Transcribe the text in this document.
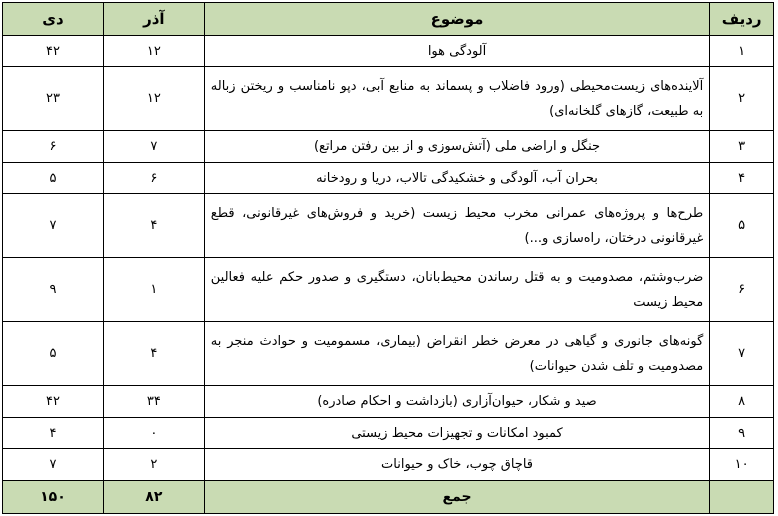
ردیف	موضوع	آذر	دی
۱	آلودگی هوا	۱۲	۴۲
۲	آلاینده‌های زیست‌محیطی (ورود فاضلاب و پسماند به منابع آبی، دپو نامناسب و ریختن زباله به طبیعت، گازهای گلخانه‌ای)	۱۲	۲۳
۳	جنگل و اراضی ملی (آتش‌سوزی و از بین رفتن مراتع)	۷	۶
۴	بحران آب، آلودگی و خشکیدگی تالاب، دریا و رودخانه	۶	۵
۵	طرح‌ها و پروژه‌های عمرانی مخرب محیط زیست (خرید و فروش‌های غیرقانونی، قطع غیرقانونی درختان، راه‌سازی و...)	۴	۷
۶	ضرب‌وشتم، مصدومیت و به قتل رساندن محیط‌بانان، دستگیری و صدور حکم علیه فعالین محیط زیست	۱	۹
۷	گونه‌های جانوری و گیاهی در معرض خطر انقراض (بیماری، مسمومیت و حوادث منجر به مصدومیت و تلف شدن حیوانات)	۴	۵
۸	صید و شکار، حیوان‌آزاری (بازداشت و احکام صادره)	۳۴	۴۲
۹	کمبود امکانات و تجهیزات محیط زیستی	۰	۴
۱۰	قاچاق چوب، خاک و حیوانات	۲	۷
	جمع	۸۲	۱۵۰
